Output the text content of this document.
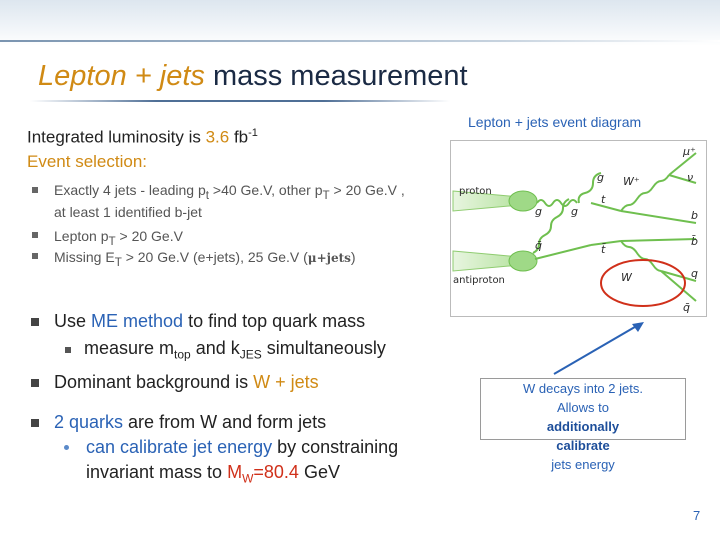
Lepton + jets mass measurement
Integrated luminosity is 3.6 $fb^{-1}$
Event selection:
Exactly 4 jets - leading $p_t >40$ Ge.V, other $p_T > 20$ Ge.V ,
at least 1 identified b-jet
Lepton $p_T > 20$ Ge.V
Missing $E_T > 20$ Ge.V (e+jets), 25 Ge.V (μ+jets)
Use ME method to find top quark mass
measure $m_{top}$ and $k_{JES}$ simultaneously
Dominant background is W + jets
2 quarks are from W and form jets
can calibrate jet energy by constraining
invariant mass to $M_W=80.4$ GeV
Lepton + jets event diagram
proton
antiproton
W⁺
μ⁺
ν
b
b̄
g	g
g
t
t̄
q̄
W	q
q̄
W decays into 2 jets.
Allows to
additionally
calibrate
jets energy
7
